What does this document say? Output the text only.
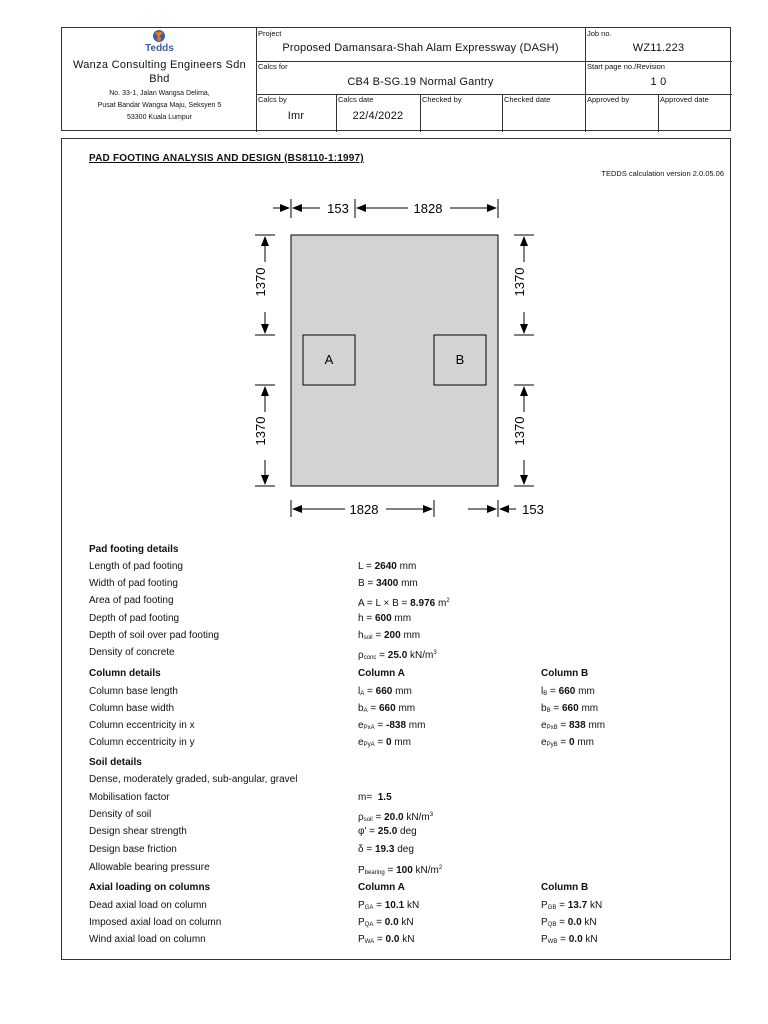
Tedds
Wanza Consulting Engineers Sdn
Bhd
No. 33-1, Jalan Wangsa Delima,
Pusat Bandar Wangsa Maju, Seksyen 5
53300 Kuala Lumpur
Project
Proposed Damansara-Shah Alam Expressway (DASH)
Job no.
WZ11.223
Calcs for
CB4 B-SG.19 Normal Gantry
Start page no./Revision
1 0
Calcs by
Imr
Calcs date
22/4/2022
Checked by	Checked date	Approved by	Approved date
PAD FOOTING ANALYSIS AND DESIGN (BS8110-1:1997)
TEDDS calculation version 2.0.05.06
A	B
153	1828
1828	153
1370
1370
1370
1370
Pad footing details
Length of pad footing	L = 2640 mm
Width of pad footing	B = 3400 mm
Area of pad footing	A = L × B = 8.976 $m^2$
Depth of pad footing	h = 600 mm
Depth of soil over pad footing	$h_{soil} = 200$ mm
Density of concrete	$\rho_{conc} = 25.0$ $kN/m^3$
Column details	Column A	Column B
Column base length	$l_A = 660$ mm	$l_B = 660$ mm
Column base width	$b_A = 660$ mm	$b_B = 660$ mm
Column eccentricity in x	$e_{PxA} = -838$ mm	$e_{PxB} = 838$ mm
Column eccentricity in y	$e_{PyA} = 0$ mm	$e_{PyB} = 0$ mm
Soil details
Dense, moderately graded, sub-angular, gravel
Mobilisation factor	m=  1.5
Density of soil	$\rho_{soil} = 20.0$ $kN/m^3$
Design shear strength	φ' = 25.0 deg
Design base friction	δ = 19.3 deg
Allowable bearing pressure	$P_{bearing} = 100$ $kN/m^2$
Axial loading on columns	Column A	Column B
Dead axial load on column	$P_{GA} = 10.1$ kN	$P_{GB} = 13.7$ kN
Imposed axial load on column	$P_{QA} = 0.0$ kN	$P_{QB} = 0.0$ kN
Wind axial load on column	$P_{WA} = 0.0$ kN	$P_{WB} = 0.0$ kN
